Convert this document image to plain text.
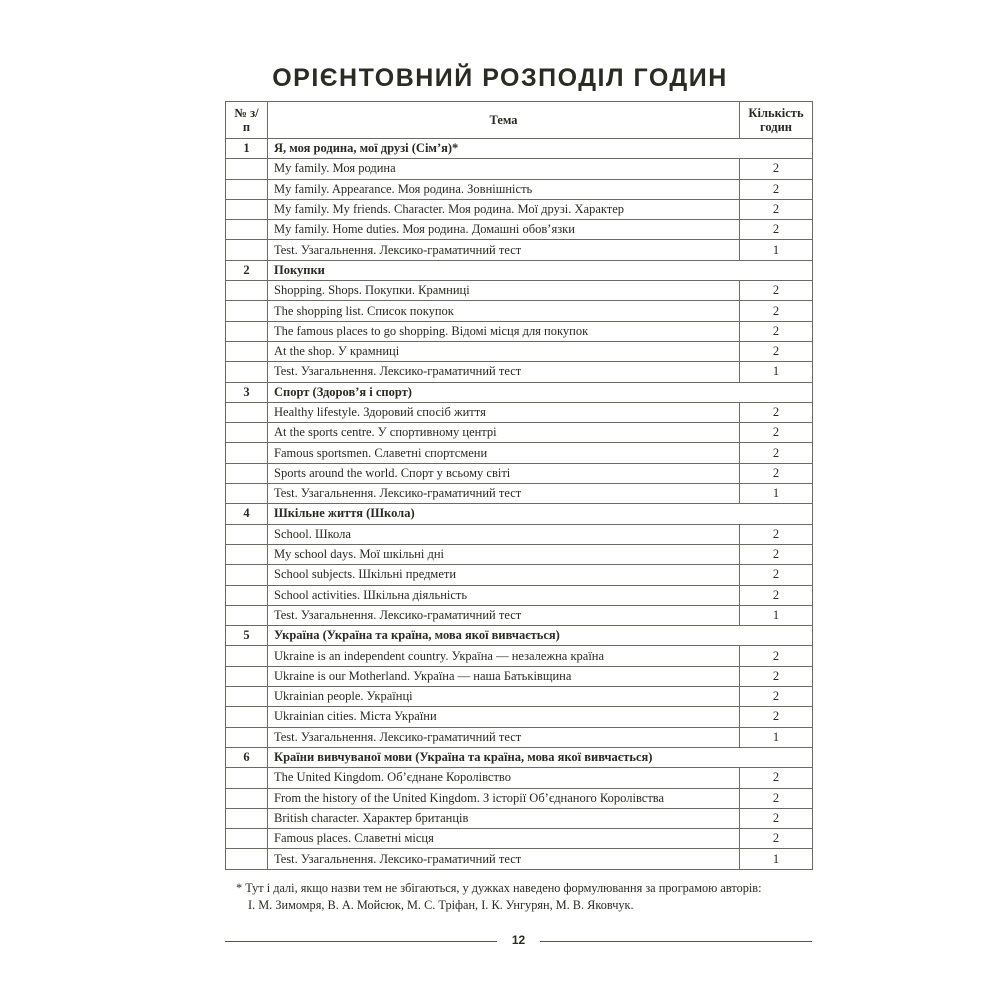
ОРІЄНТОВНИЙ РОЗПОДІЛ ГОДИН
№ з/п	Тема	Кількість годин
1	Я, моя родина, мої друзі (Сім’я)*	
	My family. Моя родина	2
	My family. Appearance. Моя родина. Зовнішність	2
	My family. My friends. Character. Моя родина. Мої друзі. Характер	2
	My family. Home duties. Моя родина. Домашні обов’язки	2
	Test. Узагальнення. Лексико-граматичний тест	1
2	Покупки	
	Shopping. Shops. Покупки. Крамниці	2
	The shopping list. Список покупок	2
	The famous places to go shopping. Відомі місця для покупок	2
	At the shop. У крамниці	2
	Test. Узагальнення. Лексико-граматичний тест	1
3	Спорт (Здоров’я і спорт)	
	Healthy lifestyle. Здоровий спосіб життя	2
	At the sports centre. У спортивному центрі	2
	Famous sportsmen. Славетні спортсмени	2
	Sports around the world. Спорт у всьому світі	2
	Test. Узагальнення. Лексико-граматичний тест	1
4	Шкільне життя (Школа)	
	School. Школа	2
	My school days. Мої шкільні дні	2
	School subjects. Шкільні предмети	2
	School activities. Шкільна діяльність	2
	Test. Узагальнення. Лексико-граматичний тест	1
5	Україна (Україна та країна, мова якої вивчається)	
	Ukraine is an independent country. Україна — незалежна країна	2
	Ukraine is our Motherland. Україна — наша Батьківщина	2
	Ukrainian people. Українці	2
	Ukrainian cities. Міста України	2
	Test. Узагальнення. Лексико-граматичний тест	1
6	Країни вивчуваної мови (Україна та країна, мова якої вивчається)	
	The United Kingdom. Об’єднане Королівство	2
	From the history of the United Kingdom. З історії Об’єднаного Королівства	2
	British character. Характер британців	2
	Famous places. Славетні місця	2
	Test. Узагальнення. Лексико-граматичний тест	1
* Тут і далі, якщо назви тем не збігаються, у дужках наведено формулювання за програмою авторів:
І. М. Зимомря, В. А. Мойсюк, М. С. Тріфан, І. К. Унгурян, М. В. Яковчук.
12
